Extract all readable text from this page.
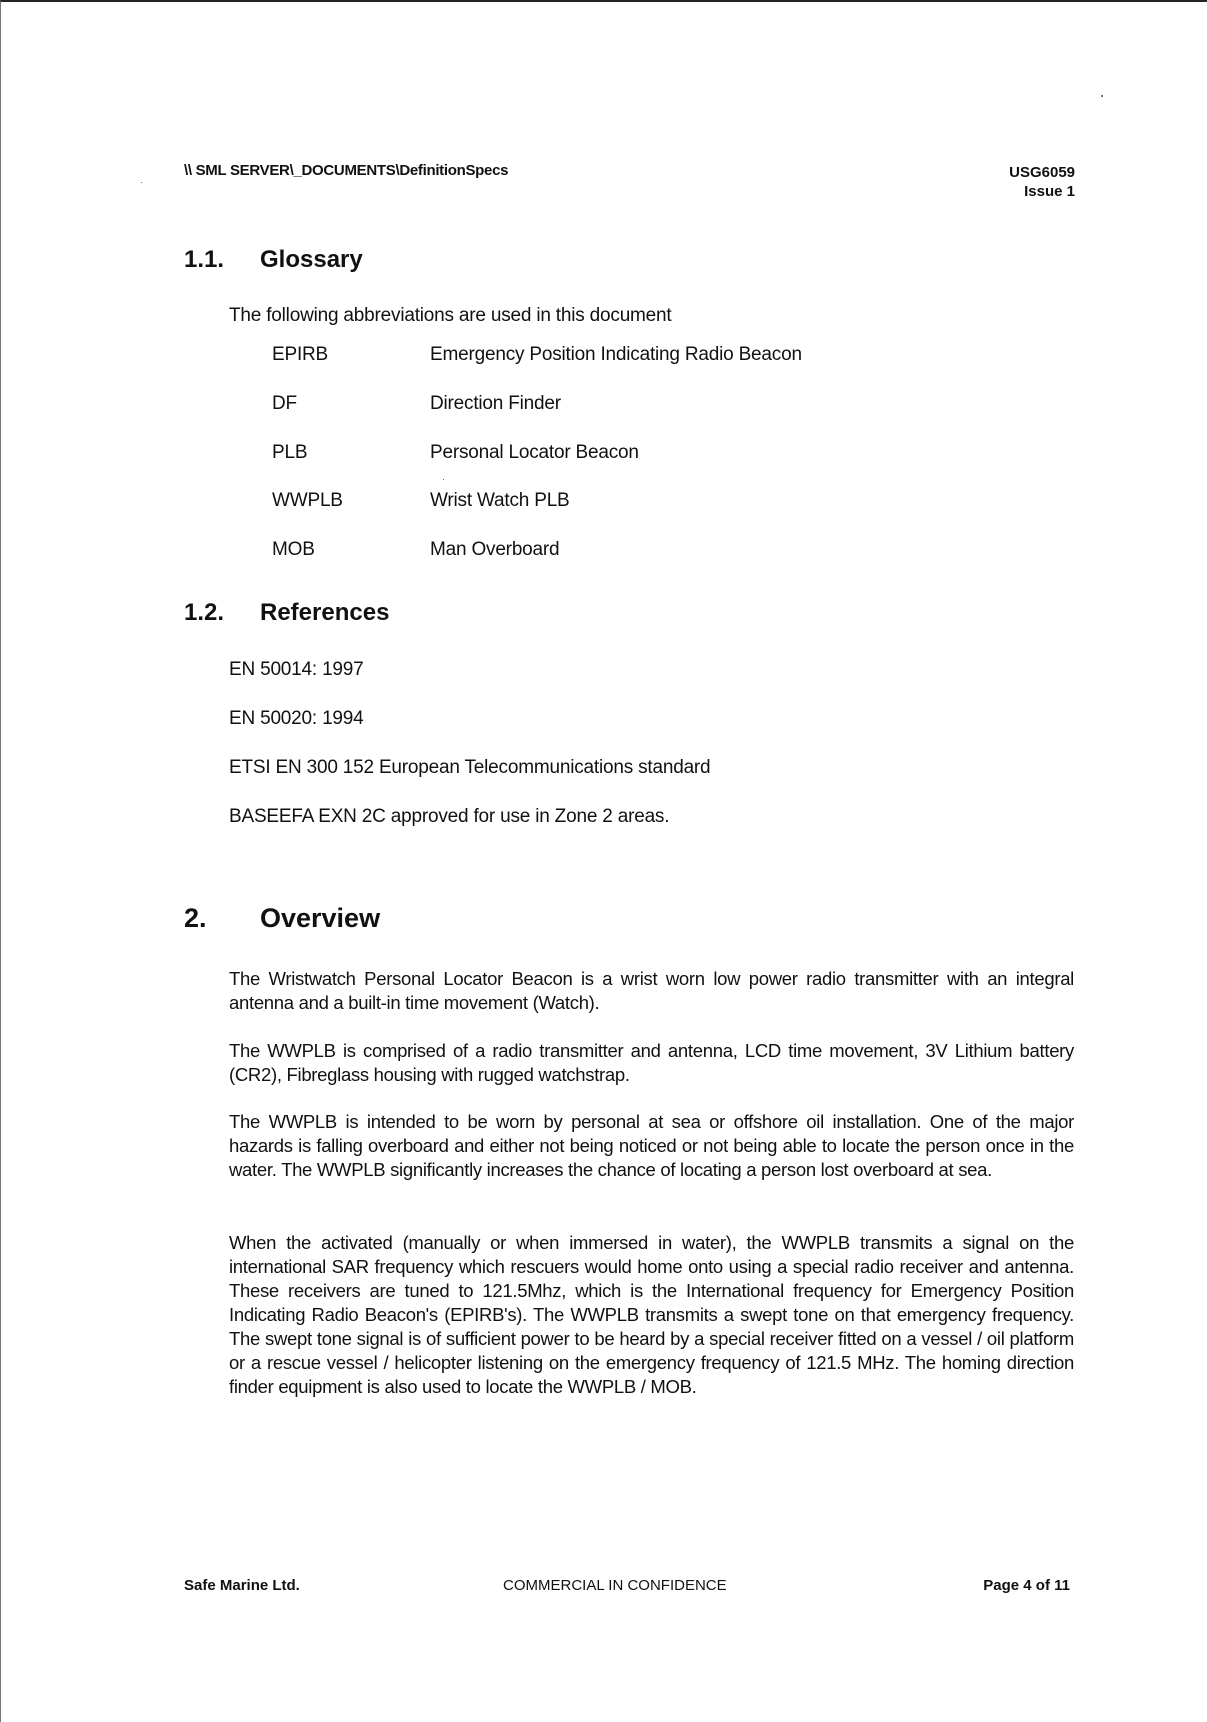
\\ SML SERVER\_DOCUMENTS\DefinitionSpecs	USG6059
Issue 1
1.1. Glossary
The following abbreviations are used in this document
EPIRB	Emergency Position Indicating Radio Beacon
DF	Direction Finder
PLB	Personal Locator Beacon
WWPLB	Wrist Watch PLB
MOB	Man Overboard
1.2. References
EN 50014: 1997
EN 50020: 1994
ETSI EN 300 152 European Telecommunications standard
BASEEFA EXN 2C approved for use in Zone 2 areas.
2. Overview
The Wristwatch Personal Locator Beacon is a wrist worn low power radio transmitter with an integral antenna and a built-in time movement (Watch).
The WWPLB is comprised of a radio transmitter and antenna, LCD time movement, 3V Lithium battery (CR2), Fibreglass housing with rugged watchstrap.
The WWPLB is intended to be worn by personal at sea or offshore oil installation. One of the major hazards is falling overboard and either not being noticed or not being able to locate the person once in the water. The WWPLB significantly increases the chance of locating a person lost overboard at sea.
When the activated (manually or when immersed in water), the WWPLB transmits a signal on the international SAR frequency which rescuers would home onto using a special radio receiver and antenna. These receivers are tuned to 121.5Mhz, which is the International frequency for Emergency Position Indicating Radio Beacon's (EPIRB's). The WWPLB transmits a swept tone on that emergency frequency. The swept tone signal is of sufficient power to be heard by a special receiver fitted on a vessel / oil platform or a rescue vessel / helicopter listening on the emergency frequency of 121.5 MHz. The homing direction finder equipment is also used to locate the WWPLB / MOB.
Safe Marine Ltd.	COMMERCIAL IN CONFIDENCE	Page 4 of 11
